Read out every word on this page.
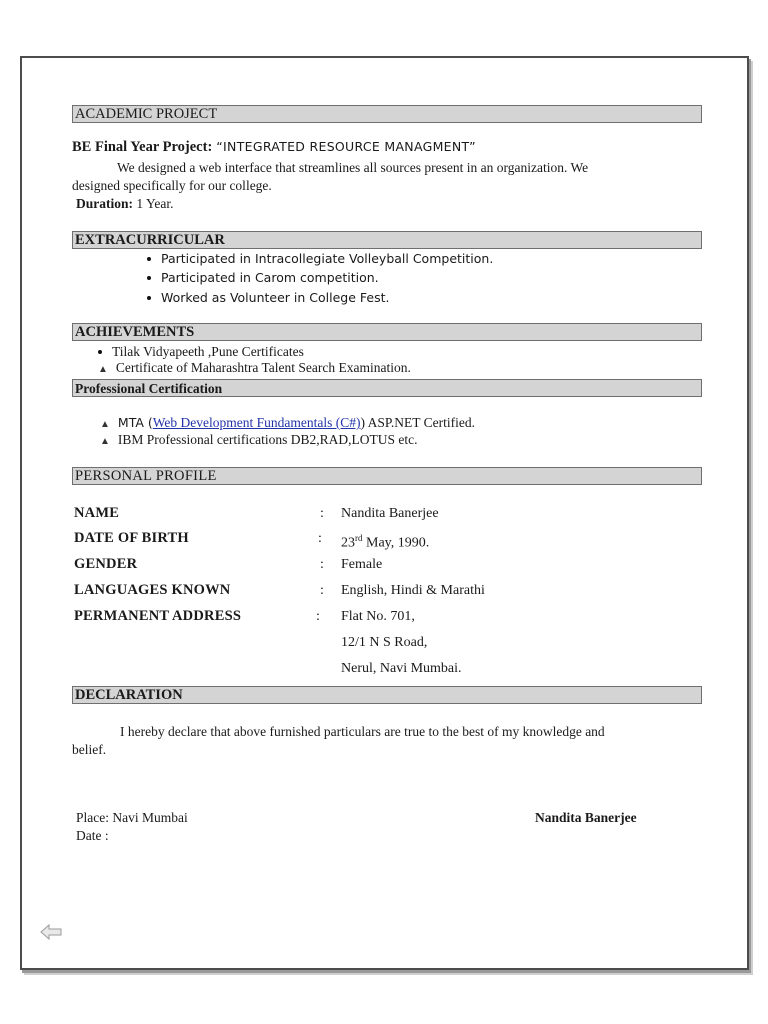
ACADEMIC PROJECT
BE Final Year Project: “INTEGRATED RESOURCE MANAGMENT”
We designed a web interface that streamlines all sources present in an organization. We
designed specifically for our college.
Duration: 1 Year.
EXTRACURRICULAR
Participated in Intracollegiate Volleyball Competition.
Participated in Carom competition.
Worked as Volunteer in College Fest.
ACHIEVEMENTS
Tilak Vidyapeeth ,Pune Certificates
▲ Certificate of Maharashtra Talent Search Examination.
Professional Certification
▲ MTA (Web Development Fundamentals (C#)) ASP.NET Certified.
▲ IBM Professional certifications DB2,RAD,LOTUS etc.
PERSONAL PROFILE
NAME	: Nandita Banerjee
DATE OF BIRTH	: 23rd May, 1990.
GENDER	: Female
LANGUAGES KNOWN	: English, Hindi & Marathi
PERMANENT ADDRESS	: Flat No. 701,
12/1 N S Road,
Nerul, Navi Mumbai.
DECLARATION
I hereby declare that above furnished particulars are true to the best of my knowledge and
belief.
Place: Navi Mumbai
Date :
Nandita Banerjee
